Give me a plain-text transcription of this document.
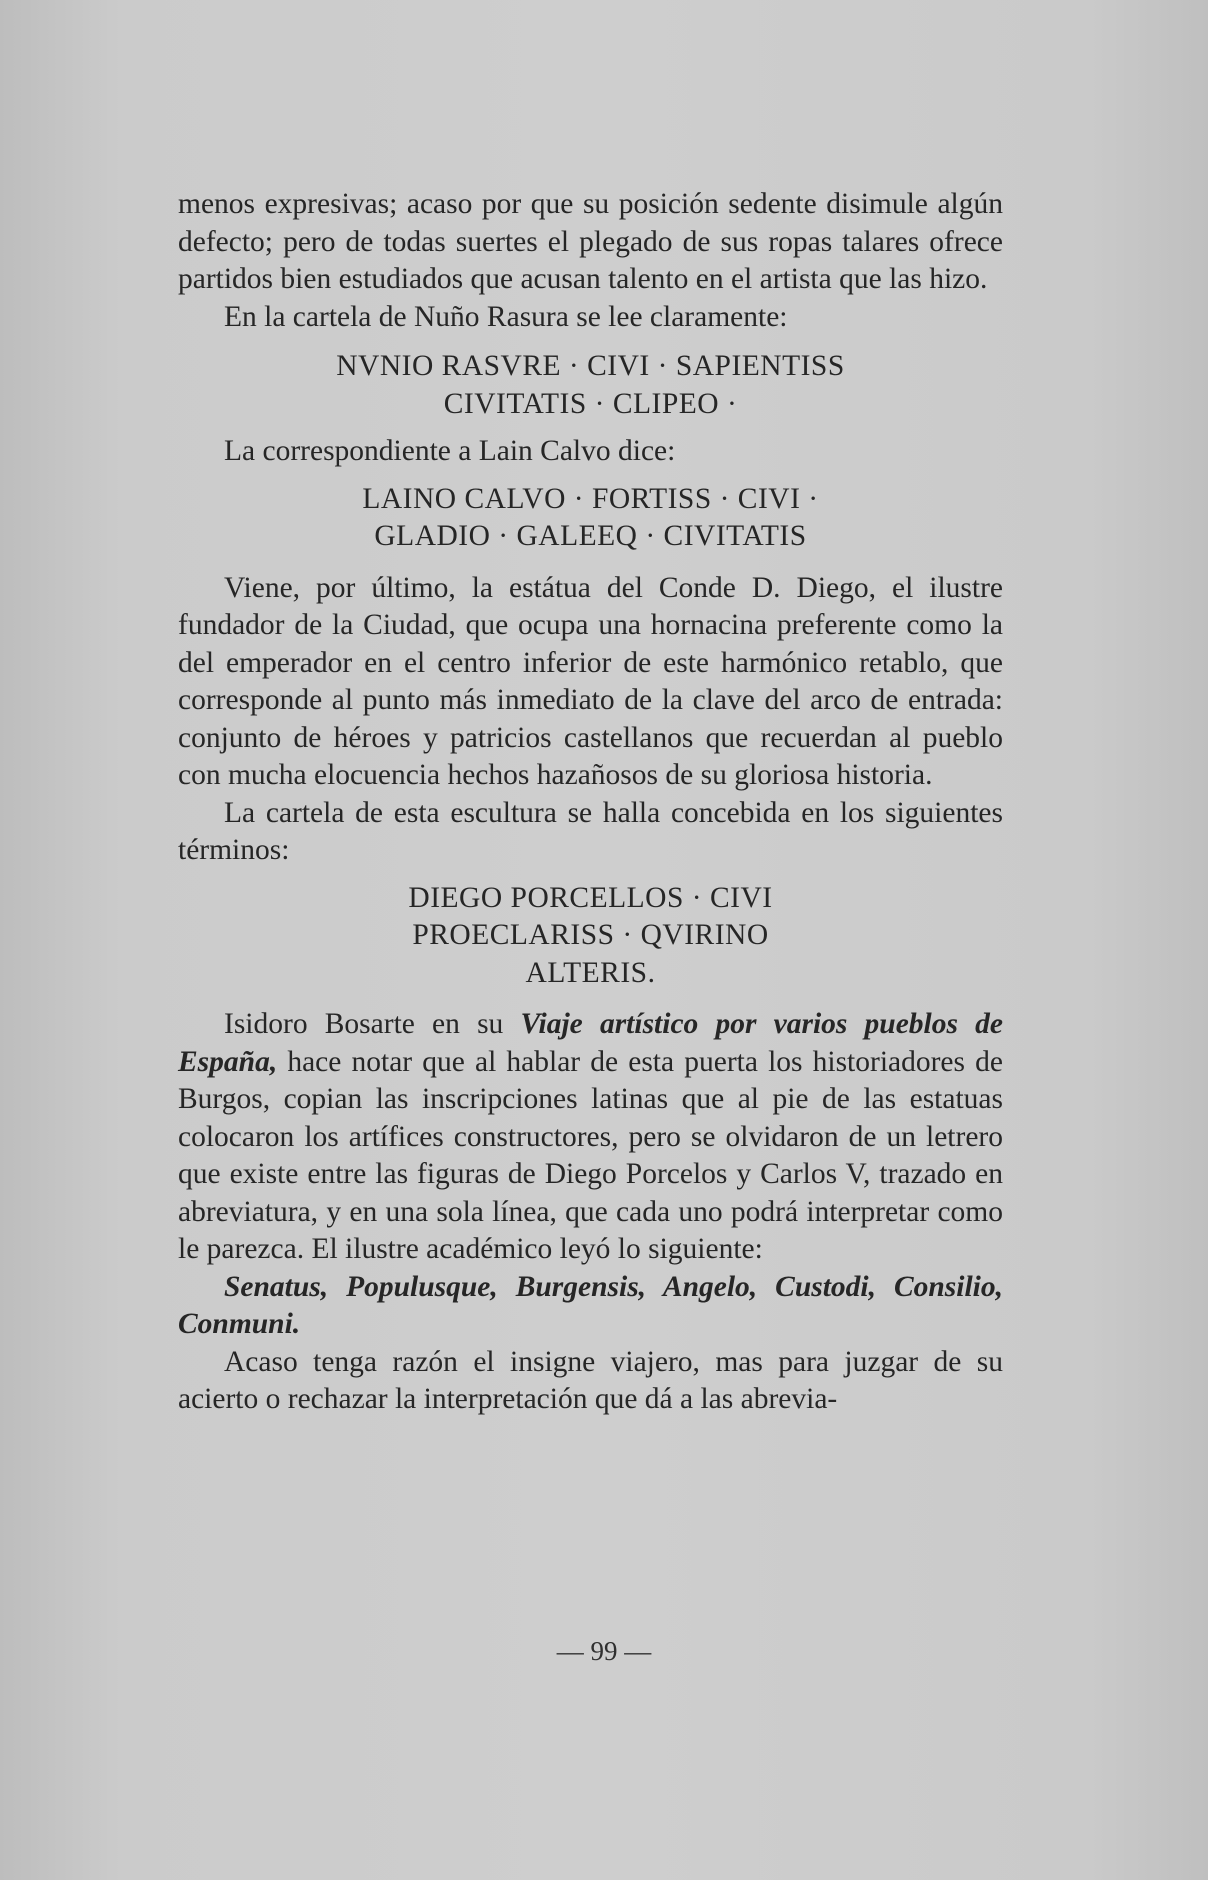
menos expresivas; acaso por que su posición sedente disimule algún defecto; pero de todas suertes el plegado de sus ropas talares ofrece partidos bien estudiados que acusan talento en el artista que las hizo.

En la cartela de Nuño Rasura se lee claramente:

NVNIO RASVRE · CIVI · SAPIENTISS

CIVITATIS · CLIPEO ·

La correspondiente a Lain Calvo dice:

LAINO CALVO · FORTISS · CIVI ·

GLADIO · GALEEQ · CIVITATIS

Viene, por último, la estátua del Conde D. Diego, el ilustre fundador de la Ciudad, que ocupa una hornacina preferente como la del emperador en el centro inferior de este harmónico retablo, que corresponde al punto más inmediato de la clave del arco de entrada: conjunto de héroes y patricios castellanos que recuerdan al pueblo con mucha elocuencia hechos hazañosos de su gloriosa historia.

La cartela de esta escultura se halla concebida en los siguientes términos:

DIEGO PORCELLOS · CIVI

PROECLARISS · QVIRINO

ALTERIS.

Isidoro Bosarte en su Viaje artístico por varios pueblos de España, hace notar que al hablar de esta puerta los historiadores de Burgos, copian las inscripciones latinas que al pie de las estatuas colocaron los artífices constructores, pero se olvidaron de un letrero que existe entre las figuras de Diego Porcelos y Carlos V, trazado en abreviatura, y en una sola línea, que cada uno podrá interpretar como le parezca. El ilustre académico leyó lo siguiente:

Senatus, Populusque, Burgensis, Angelo, Custodi, Consilio, Conmuni.

Acaso tenga razón el insigne viajero, mas para juzgar de su acierto o rechazar la interpretación que dá a las abrevia-

— 99 —
